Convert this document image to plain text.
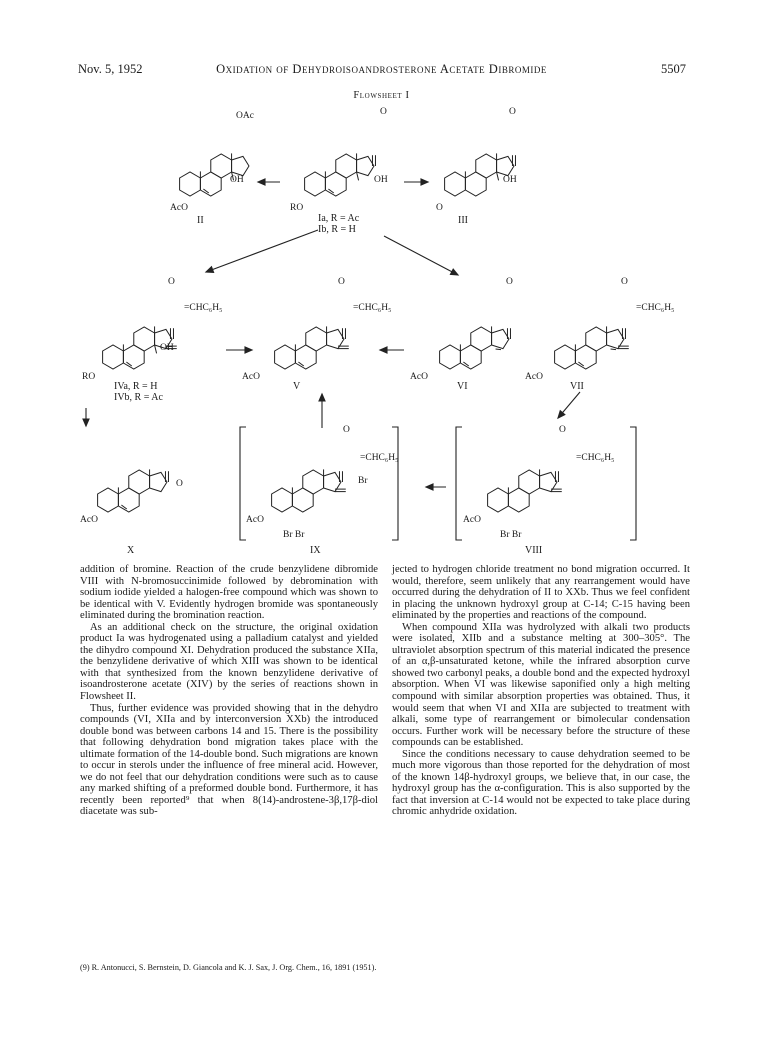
Nov. 5, 1952	Oxidation of Dehydroisoandrosterone Acetate Dibromide	5507
Flowsheet I
OAc
OH
AcO
O
OH
RO
O
OH
O
O
=CHC₆H₅
OH
RO
O
=CHC₆H₅
AcO
O
AcO
O
=CHC₆H₅
AcO
O
AcO
O
=CHC₆H₅
Br
AcO
Br Br
O
=CHC₆H₅
AcO
Br Br
II	Ia, R = Ac
Ib, R = H
III
IVa, R = H
IVb, R = Ac
V	VI	VII
X	IX	VIII

addition of bromine. Reaction of the crude benzylidene dibromide VIII with N-bromosuccinimide followed by debromination with sodium iodide yielded a halogen-free compound which was shown to be identical with V. Evidently hydrogen bromide was spontaneously eliminated during the bromination reaction.

As an additional check on the structure, the original oxidation product Ia was hydrogenated using a palladium catalyst and yielded the dihydro compound XI. Dehydration produced the substance XIIa, the benzylidene derivative of which XIII was shown to be identical with that synthesized from the known benzylidene derivative of isoandrosterone acetate (XIV) by the series of reactions shown in Flowsheet II.

Thus, further evidence was provided showing that in the dehydro compounds (VI, XIIa and by interconversion XXb) the introduced double bond was between carbons 14 and 15. There is the possibility that following dehydration bond migration takes place with the ultimate formation of the 14-double bond. Such migrations are known to occur in sterols under the influence of free mineral acid. However, we do not feel that our dehydration conditions were such as to cause any marked shifting of a preformed double bond. Furthermore, it has recently been reported⁹ that when 8(14)-androstene-3β,17β-diol diacetate was sub-

(9) R. Antonucci, S. Bernstein, D. Giancola and K. J. Sax, J. Org. Chem., 16, 1891 (1951).

jected to hydrogen chloride treatment no bond migration occurred. It would, therefore, seem unlikely that any rearrangement would have occurred during the dehydration of II to XXb. Thus we feel confident in placing the unknown hydroxyl group at C-14; C-15 having been eliminated by the properties and reactions of the compound.

When compound XIIa was hydrolyzed with alkali two products were isolated, XIIb and a substance melting at 300–305°. The ultraviolet absorption spectrum of this material indicated the presence of an α,β-unsaturated ketone, while the infrared absorption curve showed two carbonyl peaks, a double bond and the expected hydroxyl absorption. When VI was likewise saponified only a high melting compound with similar absorption properties was obtained. Thus, it would seem that when VI and XIIa are subjected to treatment with alkali, some type of rearrangement or bimolecular condensation occurs. Further work will be necessary before the structure of these compounds can be established.

Since the conditions necessary to cause dehydration seemed to be much more vigorous than those reported for the dehydration of most of the known 14β-hydroxyl groups, we believe that, in our case, the hydroxyl group has the α-configuration. This is also supported by the fact that inversion at C-14 would not be expected to take place during chromic anhydride oxidation.
